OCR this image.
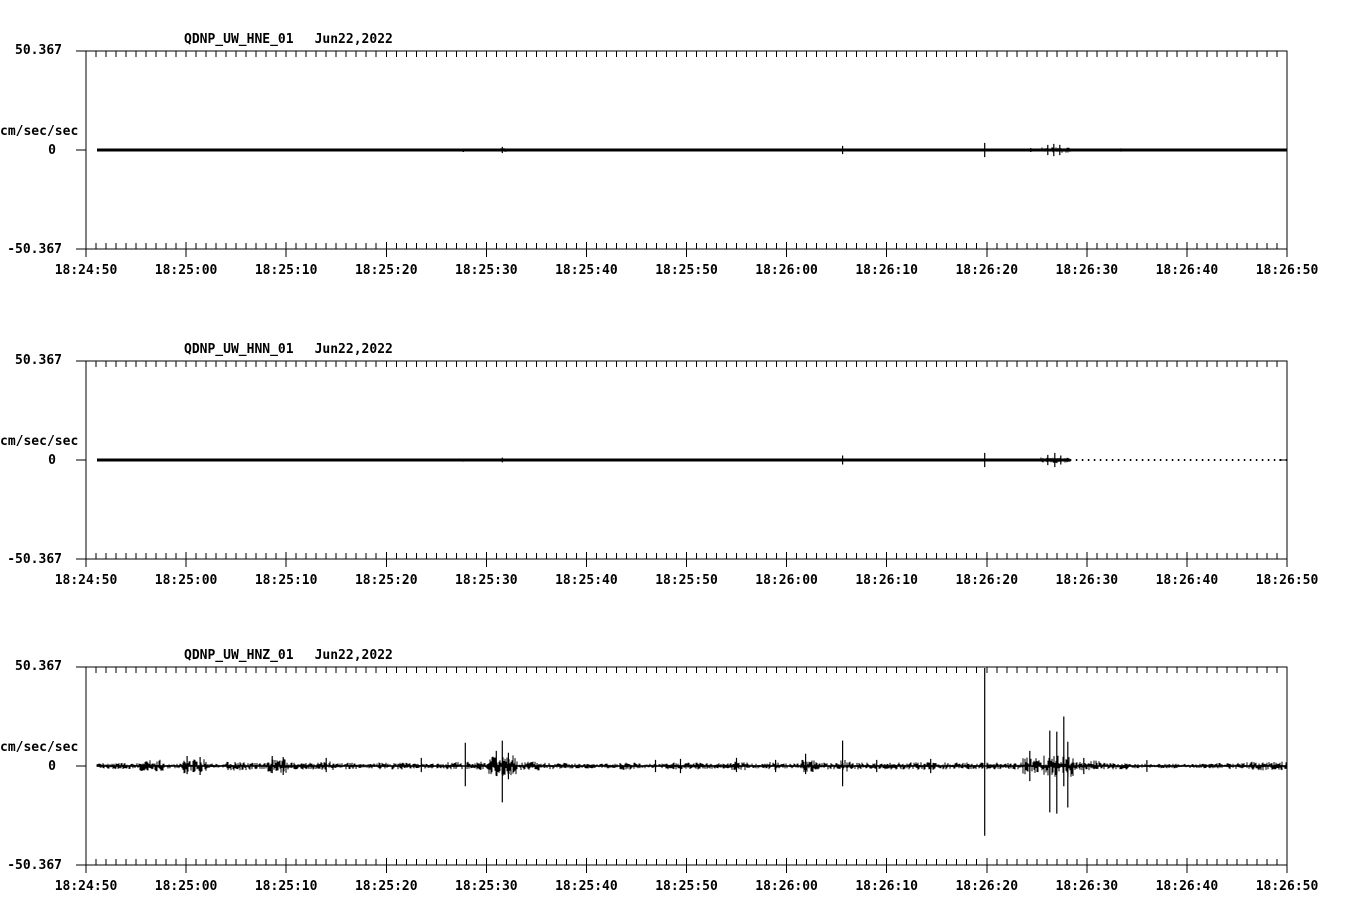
QDNP_UW_HNE_01 Jun22,2022
50.367
cm/sec/sec
0
-50.367
QDNP_UW_HNN_01 Jun22,2022
50.367
cm/sec/sec
0
-50.367
QDNP_UW_HNZ_01 Jun22,2022
50.367
cm/sec/sec
0
-50.367
18:24:50	18:25:00	18:25:10	18:25:20	18:25:30	18:25:40	18:25:50	18:26:00	18:26:10	18:26:20	18:26:30	18:26:40	18:26:50
18:24:50	18:25:00	18:25:10	18:25:20	18:25:30	18:25:40	18:25:50	18:26:00	18:26:10	18:26:20	18:26:30	18:26:40	18:26:50
18:24:50	18:25:00	18:25:10	18:25:20	18:25:30	18:25:40	18:25:50	18:26:00	18:26:10	18:26:20	18:26:30	18:26:40	18:26:50
